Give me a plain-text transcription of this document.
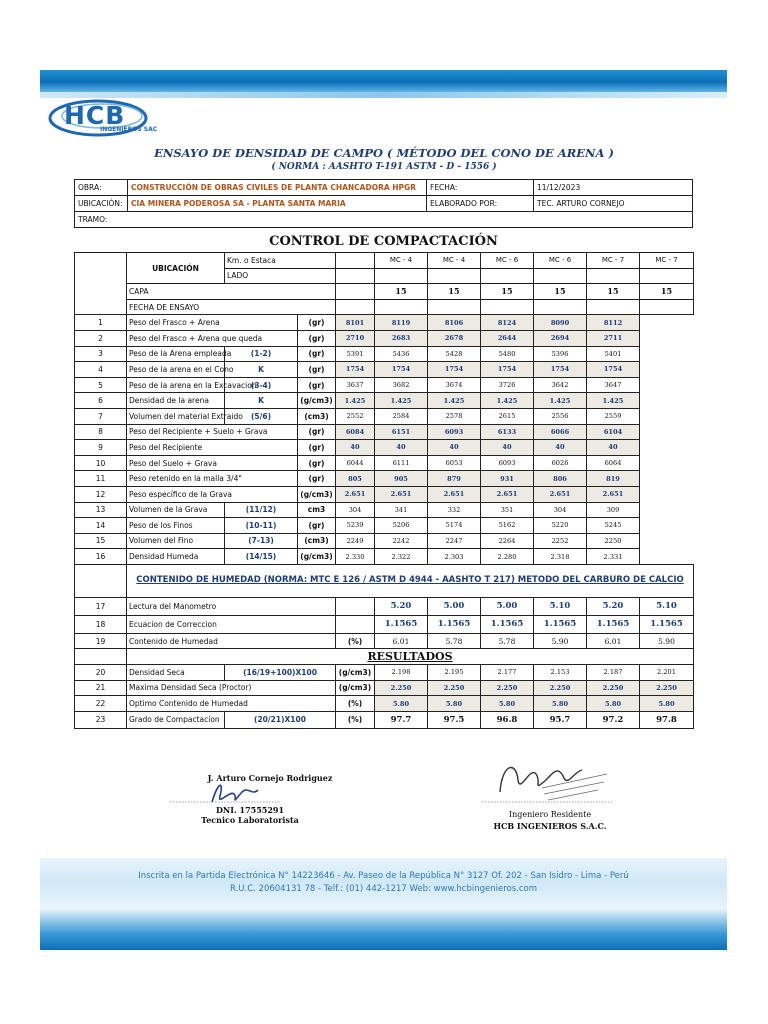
HCB
INGENIEROS SAC
ENSAYO DE DENSIDAD DE CAMPO ( MÉTODO DEL CONO DE ARENA )
( NORMA : AASHTO T-191 ASTM - D - 1556 )
OBRA:	CONSTRUCCIÓN DE OBRAS CIVILES DE PLANTA CHANCADORA HPGR	FECHA:	11/12/2023
UBICACIÓN:	CIA MINERA PODEROSA SA - PLANTA SANTA MARIA	ELABORADO POR:	TEC. ARTURO CORNEJO
TRAMO:			
CONTROL DE COMPACTACIÓN
	UBICACIÓN	Km. o Estaca			MC - 4	MC - 4	MC - 6	MC - 6	MC - 7	MC - 7
		LADO								
	CAPA				15	15	15	15	15	15
	FECHA DE ENSAYO									
1	Peso del Frasco + Arena		(gr)	8101	8119	8106	8124	8090	8112	
2	Peso del Frasco + Arena que queda		(gr)	2710	2683	2678	2644	2694	2711	
3	Peso de la Arena empleada	(1-2)	(gr)	5391	5436	5428	5480	5396	5401	
4	Peso de la arena en el Cono	K	(gr)	1754	1754	1754	1754	1754	1754	
5	Peso de la arena en la Excavacion	(3-4)	(gr)	3637	3682	3674	3726	3642	3647	
6	Densidad de la arena	K	(g/cm3)	1.425	1.425	1.425	1.425	1.425	1.425	
7	Volumen del material Extraido	(5/6)	(cm3)	2552	2584	2578	2615	2556	2559	
8	Peso del Recipiente + Suelo + Grava		(gr)	6084	6151	6093	6133	6066	6104	
9	Peso del Recipiente		(gr)	40	40	40	40	40	40	
10	Peso del Suelo + Grava		(gr)	6044	6111	6053	6093	6026	6064	
11	Peso retenido en la malla 3/4"		(gr)	805	905	879	931	806	819	
12	Peso específico de la Grava		(g/cm3)	2.651	2.651	2.651	2.651	2.651	2.651	
13	Volumen de la Grava	(11/12)	cm3	304	341	332	351	304	309	
14	Peso de los Finos	(10-11)	(gr)	5239	5206	5174	5162	5220	5245	
15	Volumen del Fino	(7-13)	(cm3)	2249	2242	2247	2264	2252	2250	
16	Densidad Humeda	(14/15)	(g/cm3)	2.330	2.322	2.303	2.280	2.318	2.331	
	CONTENIDO DE HUMEDAD (NORMA: MTC E 126 / ASTM D 4944 - AASHTO T 217) METODO DEL CARBURO DE CALCIO									
17	Lectura del Manometro				5.20	5.00	5.00	5.10	5.20	5.10
18	Ecuacion de Correccion				1.1565	1.1565	1.1565	1.1565	1.1565	1.1565
19	Contenido de Humedad			(%)	6.01	5.78	5.78	5.90	6.01	5.90
	RESULTADOS									
20	Densidad Seca	(16/19+100)X100		(g/cm3)	2.198	2.195	2.177	2.153	2.187	2.201
21	Maxima Densidad Seca (Proctor)			(g/cm3)	2.250	2.250	2.250	2.250	2.250	2.250
22	Optimo Contenido de Humedad			(%)	5.80	5.80	5.80	5.80	5.80	5.80
23	Grado de Compactacion	(20/21)X100		(%)	97.7	97.5	96.8	95.7	97.2	97.8
J. Arturo Cornejo Rodriguez
DNI. 17555291
Tecnico Laboratorista
Ingeniero Residente
HCB INGENIEROS S.A.C.
Inscrita en la Partida Electrónica N° 14223646 - Av. Paseo de la República N° 3127 Of. 202 - San Isidro - Lima - Perú
R.U.C. 20604131 78 - Telf.: (01) 442-1217 Web: www.hcbingenieros.com
